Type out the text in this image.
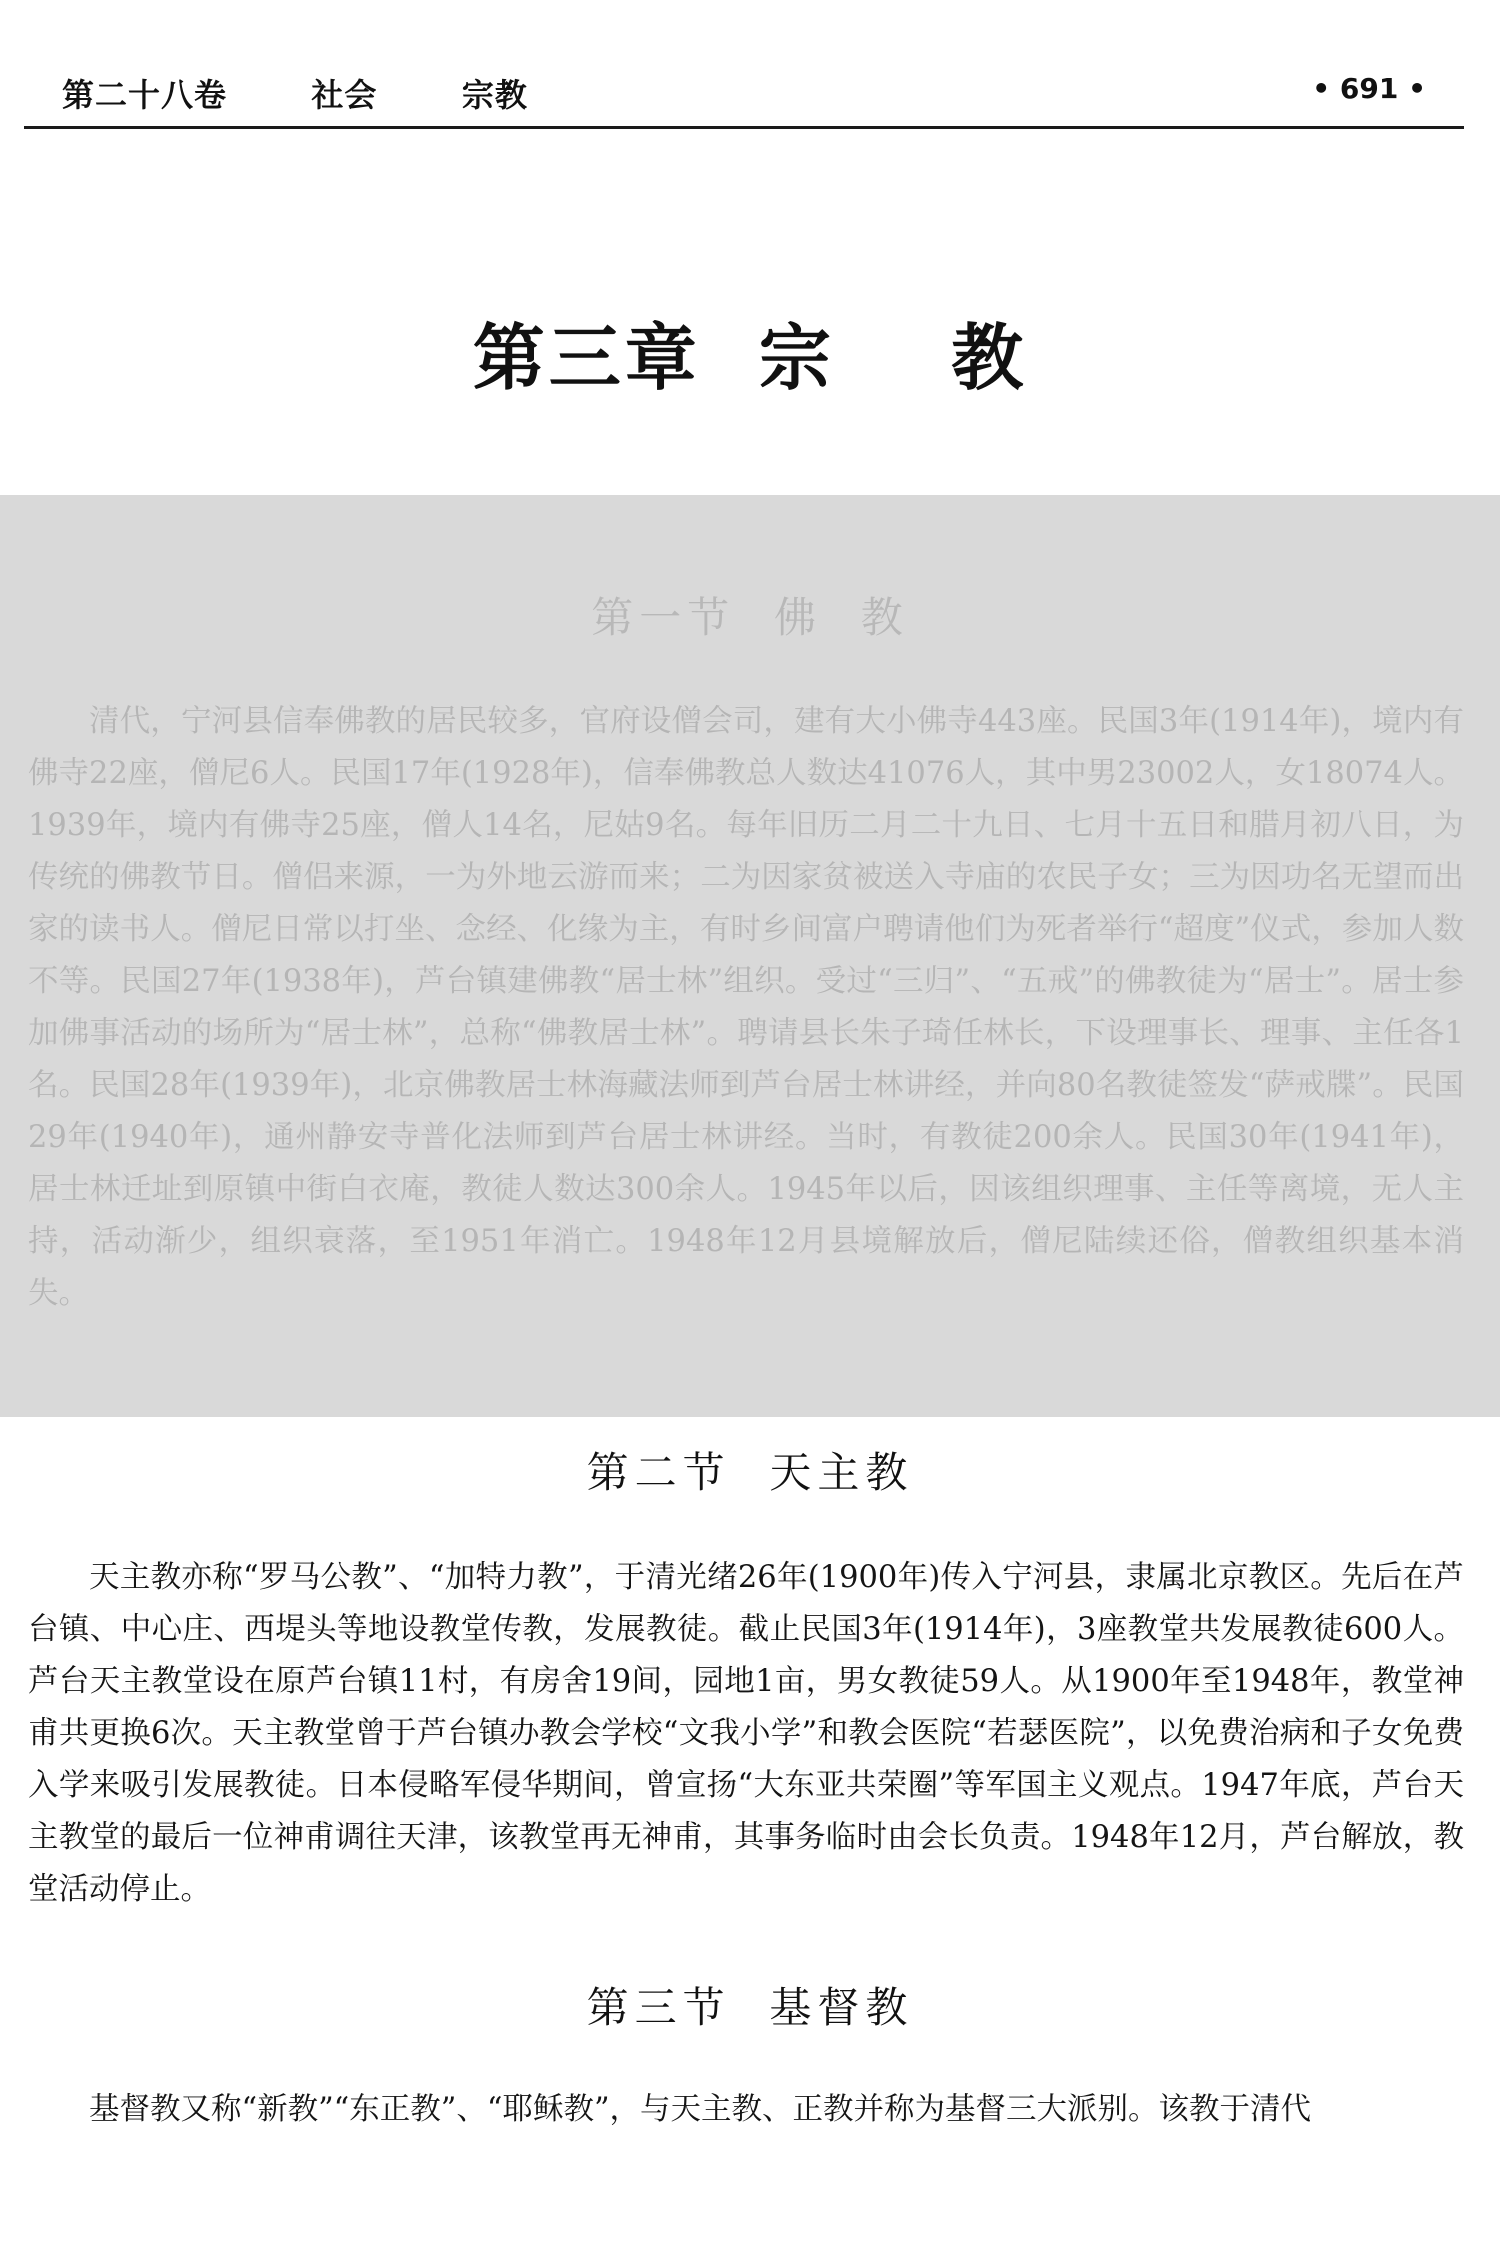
第二十八卷   社会   宗教	• 691 •
第三章  宗    教
第一节  佛  教
清代，宁河县信奉佛教的居民较多，官府设僧会司，建有大小佛寺443座。民国3年(1914年)，境内有佛寺22座，僧尼6人。民国17年(1928年)，信奉佛教总人数达41076人，其中男23002人，女18074人。1939年，境内有佛寺25座，僧人14名，尼姑9名。每年旧历二月二十九日、七月十五日和腊月初八日，为传统的佛教节日。僧侣来源，一为外地云游而来；二为因家贫被送入寺庙的农民子女；三为因功名无望而出家的读书人。僧尼日常以打坐、念经、化缘为主，有时乡间富户聘请他们为死者举行“超度”仪式，参加人数不等。民国27年(1938年)，芦台镇建佛教“居士林”组织。受过“三归”、“五戒”的佛教徒为“居士”。居士参加佛事活动的场所为“居士林”，总称“佛教居士林”。聘请县长朱子琦任林长，下设理事长、理事、主任各1名。民国28年(1939年)，北京佛教居士林海藏法师到芦台居士林讲经，并向80名教徒签发“萨戒牒”。民国29年(1940年)，通州静安寺普化法师到芦台居士林讲经。当时，有教徒200余人。民国30年(1941年)，居士林迁址到原镇中街白衣庵，教徒人数达300余人。1945年以后，因该组织理事、主任等离境，无人主持，活动渐少，组织衰落，至1951年消亡。1948年12月县境解放后，僧尼陆续还俗，僧教组织基本消失。
第二节  天主教
天主教亦称“罗马公教”、“加特力教”，于清光绪26年(1900年)传入宁河县，隶属北京教区。先后在芦台镇、中心庄、西堤头等地设教堂传教，发展教徒。截止民国3年(1914年)，3座教堂共发展教徒600人。芦台天主教堂设在原芦台镇11村，有房舍19间，园地1亩，男女教徒59人。从1900年至1948年，教堂神甫共更换6次。天主教堂曾于芦台镇办教会学校“文我小学”和教会医院“若瑟医院”，以免费治病和子女免费入学来吸引发展教徒。日本侵略军侵华期间，曾宣扬“大东亚共荣圈”等军国主义观点。1947年底，芦台天主教堂的最后一位神甫调往天津，该教堂再无神甫，其事务临时由会长负责。1948年12月，芦台解放，教堂活动停止。
第三节  基督教
基督教又称“新教”“东正教”、“耶稣教”，与天主教、正教并称为基督三大派别。该教于清代
